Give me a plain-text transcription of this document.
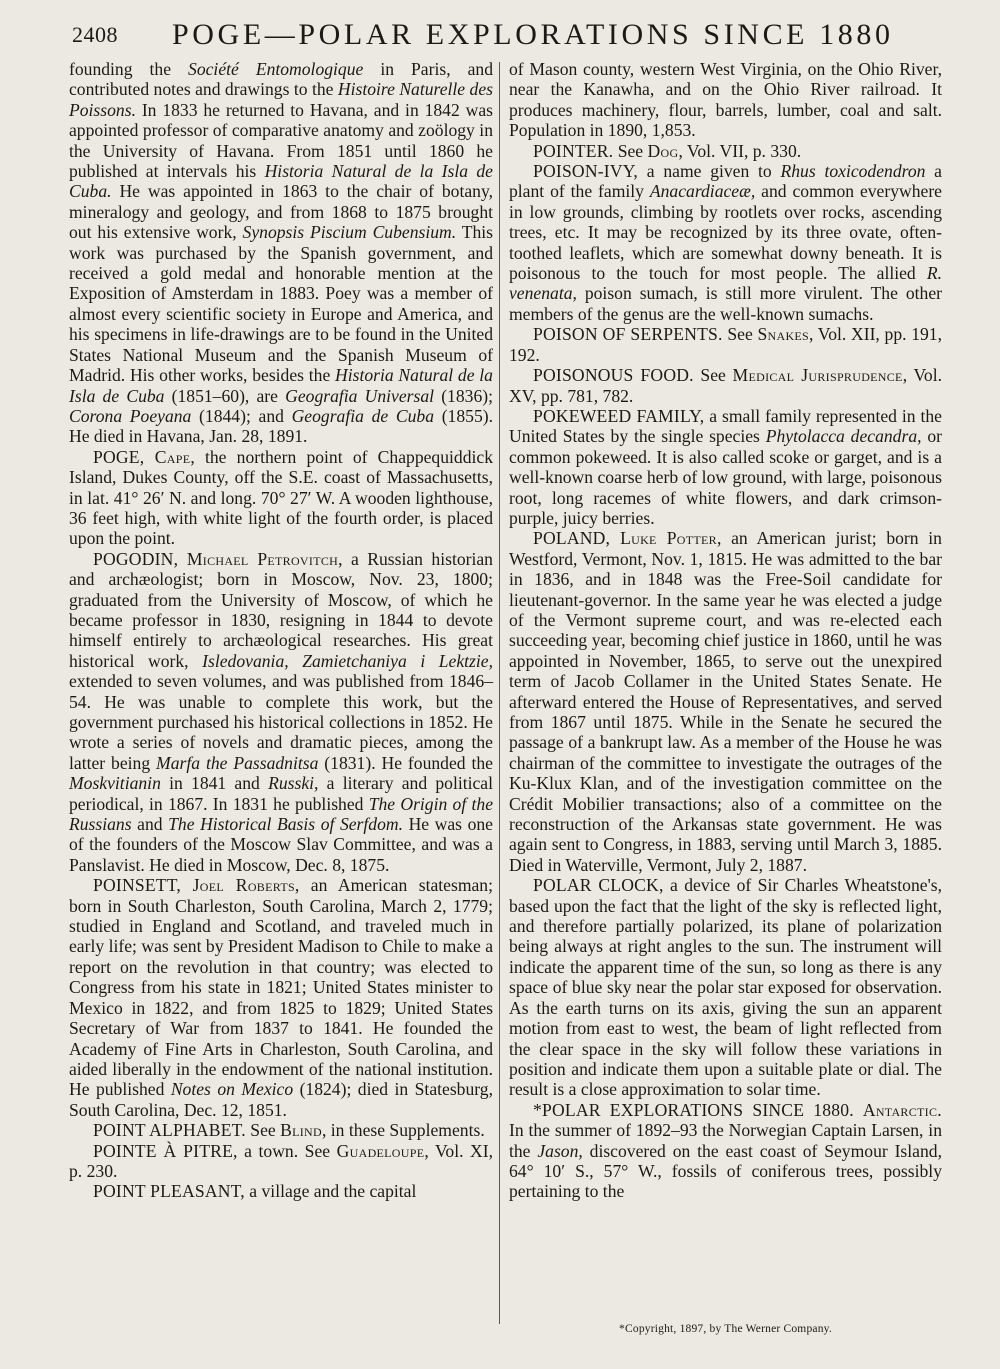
2408 POGE—POLAR EXPLORATIONS SINCE 1880

founding the Société Entomologique in Paris, and contributed notes and drawings to the Histoire Naturelle des Poissons. In 1833 he returned to Havana, and in 1842 was appointed professor of comparative anatomy and zoölogy in the University of Havana. From 1851 until 1860 he published at intervals his Historia Natural de la Isla de Cuba. He was appointed in 1863 to the chair of botany, mineralogy and geology, and from 1868 to 1875 brought out his extensive work, Synopsis Piscium Cubensium. This work was purchased by the Spanish government, and received a gold medal and honorable mention at the Exposition of Amsterdam in 1883. Poey was a member of almost every scientific society in Europe and America, and his specimens in life-drawings are to be found in the United States National Museum and the Spanish Museum of Madrid. His other works, besides the Historia Natural de la Isla de Cuba (1851–60), are Geografia Universal (1836); Corona Poeyana (1844); and Geografia de Cuba (1855). He died in Havana, Jan. 28, 1891.

POGE, Cape, the northern point of Chappequiddick Island, Dukes County, off the S.E. coast of Massachusetts, in lat. 41° 26′ N. and long. 70° 27′ W. A wooden lighthouse, 36 feet high, with white light of the fourth order, is placed upon the point.

POGODIN, Michael Petrovitch, a Russian historian and archæologist; born in Moscow, Nov. 23, 1800; graduated from the University of Moscow, of which he became professor in 1830, resigning in 1844 to devote himself entirely to archæological researches. His great historical work, Isledovania, Zamietchaniya i Lektzie, extended to seven volumes, and was published from 1846–54. He was unable to complete this work, but the government purchased his historical collections in 1852. He wrote a series of novels and dramatic pieces, among the latter being Marfa the Passadnitsa (1831). He founded the Moskvitianin in 1841 and Russki, a literary and political periodical, in 1867. In 1831 he published The Origin of the Russians and The Historical Basis of Serfdom. He was one of the founders of the Moscow Slav Committee, and was a Panslavist. He died in Moscow, Dec. 8, 1875.

POINSETT, Joel Roberts, an American statesman; born in South Charleston, South Carolina, March 2, 1779; studied in England and Scotland, and traveled much in early life; was sent by President Madison to Chile to make a report on the revolution in that country; was elected to Congress from his state in 1821; United States minister to Mexico in 1822, and from 1825 to 1829; United States Secretary of War from 1837 to 1841. He founded the Academy of Fine Arts in Charleston, South Carolina, and aided liberally in the endowment of the national institution. He published Notes on Mexico (1824); died in Statesburg, South Carolina, Dec. 12, 1851.

POINT ALPHABET. See Blind, in these Supplements.

POINTE À PITRE, a town. See Guadeloupe, Vol. XI, p. 230.

POINT PLEASANT, a village and the capital

of Mason county, western West Virginia, on the Ohio River, near the Kanawha, and on the Ohio River railroad. It produces machinery, flour, barrels, lumber, coal and salt. Population in 1890, 1,853.

POINTER. See Dog, Vol. VII, p. 330.

POISON-IVY, a name given to Rhus toxicodendron a plant of the family Anacardiaceæ, and common everywhere in low grounds, climbing by rootlets over rocks, ascending trees, etc. It may be recognized by its three ovate, often-toothed leaflets, which are somewhat downy beneath. It is poisonous to the touch for most people. The allied R. venenata, poison sumach, is still more virulent. The other members of the genus are the well-known sumachs.

POISON OF SERPENTS. See Snakes, Vol. XII, pp. 191, 192.

POISONOUS FOOD. See Medical Jurisprudence, Vol. XV, pp. 781, 782.

POKEWEED FAMILY, a small family represented in the United States by the single species Phytolacca decandra, or common pokeweed. It is also called scoke or garget, and is a well-known coarse herb of low ground, with large, poisonous root, long racemes of white flowers, and dark crimson-purple, juicy berries.

POLAND, Luke Potter, an American jurist; born in Westford, Vermont, Nov. 1, 1815. He was admitted to the bar in 1836, and in 1848 was the Free-Soil candidate for lieutenant-governor. In the same year he was elected a judge of the Vermont supreme court, and was re-elected each succeeding year, becoming chief justice in 1860, until he was appointed in November, 1865, to serve out the unexpired term of Jacob Collamer in the United States Senate. He afterward entered the House of Representatives, and served from 1867 until 1875. While in the Senate he secured the passage of a bankrupt law. As a member of the House he was chairman of the committee to investigate the outrages of the Ku-Klux Klan, and of the investigation committee on the Crédit Mobilier transactions; also of a committee on the reconstruction of the Arkansas state government. He was again sent to Congress, in 1883, serving until March 3, 1885. Died in Waterville, Vermont, July 2, 1887.

POLAR CLOCK, a device of Sir Charles Wheatstone's, based upon the fact that the light of the sky is reflected light, and therefore partially polarized, its plane of polarization being always at right angles to the sun. The instrument will indicate the apparent time of the sun, so long as there is any space of blue sky near the polar star exposed for observation. As the earth turns on its axis, giving the sun an apparent motion from east to west, the beam of light reflected from the clear space in the sky will follow these variations in position and indicate them upon a suitable plate or dial. The result is a close approximation to solar time.

*POLAR EXPLORATIONS SINCE 1880. Antarctic. In the summer of 1892–93 the Norwegian Captain Larsen, in the Jason, discovered on the east coast of Seymour Island, 64° 10′ S., 57° W., fossils of coniferous trees, possibly pertaining to the

*Copyright, 1897, by The Werner Company.
